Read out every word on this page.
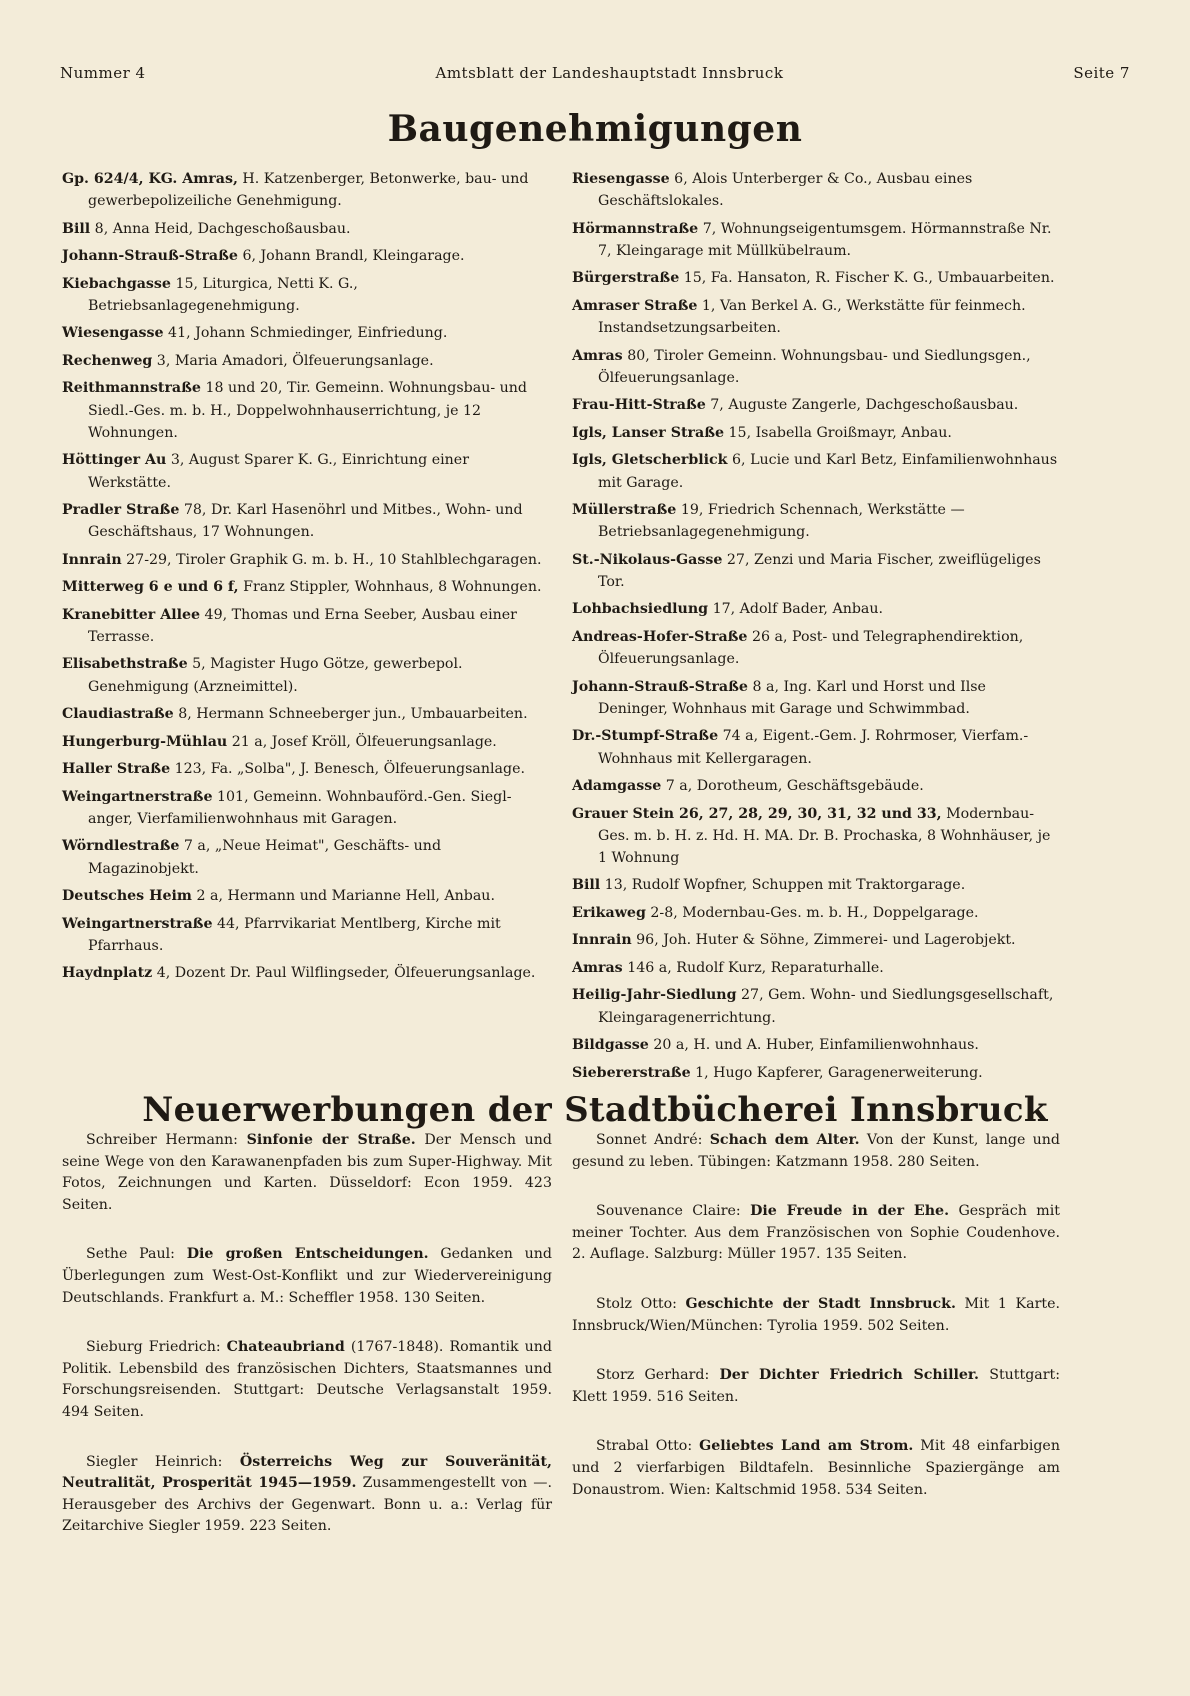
Nummer 4	Amtsblatt der Landeshauptstadt Innsbruck	Seite 7
Baugenehmigungen

Gp. 624/4, KG. Amras, H. Katzenberger, Betonwerke, bau- und gewerbepolizeiliche Genehmigung.

Bill 8, Anna Heid, Dachgeschoßausbau.

Johann-Strauß-Straße 6, Johann Brandl, Kleingarage.

Kiebachgasse 15, Liturgica, Netti K. G., Betriebsanlagegenehmigung.

Wiesengasse 41, Johann Schmiedinger, Einfriedung.

Rechenweg 3, Maria Amadori, Ölfeuerungsanlage.

Reithmannstraße 18 und 20, Tir. Gemeinn. Wohnungsbau- und Siedl.-Ges. m. b. H., Doppelwohnhauserrichtung, je 12 Wohnungen.

Höttinger Au 3, August Sparer K. G., Einrichtung einer Werkstätte.

Pradler Straße 78, Dr. Karl Hasenöhrl und Mitbes., Wohn- und Geschäftshaus, 17 Wohnungen.

Innrain 27-29, Tiroler Graphik G. m. b. H., 10 Stahlblechgaragen.

Mitterweg 6 e und 6 f, Franz Stippler, Wohnhaus, 8 Wohnungen.

Kranebitter Allee 49, Thomas und Erna Seeber, Ausbau einer Terrasse.

Elisabethstraße 5, Magister Hugo Götze, gewerbepol. Genehmigung (Arzneimittel).

Claudiastraße 8, Hermann Schneeberger jun., Umbauarbeiten.

Hungerburg-Mühlau 21 a, Josef Kröll, Ölfeuerungsanlage.

Haller Straße 123, Fa. „Solba", J. Benesch, Ölfeuerungsanlage.

Weingartnerstraße 101, Gemeinn. Wohnbauförd.-Gen. Siegl-anger, Vierfamilienwohnhaus mit Garagen.

Wörndlestraße 7 a, „Neue Heimat", Geschäfts- und Magazinobjekt.

Deutsches Heim 2 a, Hermann und Marianne Hell, Anbau.

Weingartnerstraße 44, Pfarrvikariat Mentlberg, Kirche mit Pfarrhaus.

Haydnplatz 4, Dozent Dr. Paul Wilflingseder, Ölfeuerungsanlage.

Riesengasse 6, Alois Unterberger & Co., Ausbau eines Geschäftslokales.

Hörmannstraße 7, Wohnungseigentumsgem. Hörmannstraße Nr. 7, Kleingarage mit Müllkübelraum.

Bürgerstraße 15, Fa. Hansaton, R. Fischer K. G., Umbauarbeiten.

Amraser Straße 1, Van Berkel A. G., Werkstätte für feinmech. Instandsetzungsarbeiten.

Amras 80, Tiroler Gemeinn. Wohnungsbau- und Siedlungsgen., Ölfeuerungsanlage.

Frau-Hitt-Straße 7, Auguste Zangerle, Dachgeschoßausbau.

Igls, Lanser Straße 15, Isabella Groißmayr, Anbau.

Igls, Gletscherblick 6, Lucie und Karl Betz, Einfamilienwohnhaus mit Garage.

Müllerstraße 19, Friedrich Schennach, Werkstätte — Betriebsanlagegenehmigung.

St.-Nikolaus-Gasse 27, Zenzi und Maria Fischer, zweiflügeliges Tor.

Lohbachsiedlung 17, Adolf Bader, Anbau.

Andreas-Hofer-Straße 26 a, Post- und Telegraphendirektion, Ölfeuerungsanlage.

Johann-Strauß-Straße 8 a, Ing. Karl und Horst und Ilse Deninger, Wohnhaus mit Garage und Schwimmbad.

Dr.-Stumpf-Straße 74 a, Eigent.-Gem. J. Rohrmoser, Vierfam.-Wohnhaus mit Kellergaragen.

Adamgasse 7 a, Dorotheum, Geschäftsgebäude.

Grauer Stein 26, 27, 28, 29, 30, 31, 32 und 33, Modernbau-Ges. m. b. H. z. Hd. H. MA. Dr. B. Prochaska, 8 Wohnhäuser, je 1 Wohnung

Bill 13, Rudolf Wopfner, Schuppen mit Traktorgarage.

Erikaweg 2-8, Modernbau-Ges. m. b. H., Doppelgarage.

Innrain 96, Joh. Huter & Söhne, Zimmerei- und Lagerobjekt.

Amras 146 a, Rudolf Kurz, Reparaturhalle.

Heilig-Jahr-Siedlung 27, Gem. Wohn- und Siedlungsgesellschaft, Kleingaragenerrichtung.

Bildgasse 20 a, H. und A. Huber, Einfamilienwohnhaus.

Siebererstraße 1, Hugo Kapferer, Garagenerweiterung.

Neuerwerbungen der Stadtbücherei Innsbruck

Schreiber Hermann: Sinfonie der Straße. Der Mensch und seine Wege von den Karawanenpfaden bis zum Super-Highway. Mit Fotos, Zeichnungen und Karten. Düsseldorf: Econ 1959. 423 Seiten.

Sethe Paul: Die großen Entscheidungen. Gedanken und Überlegungen zum West-Ost-Konflikt und zur Wiedervereinigung Deutschlands. Frankfurt a. M.: Scheffler 1958. 130 Seiten.

Sieburg Friedrich: Chateaubriand (1767-1848). Romantik und Politik. Lebensbild des französischen Dichters, Staatsmannes und Forschungsreisenden. Stuttgart: Deutsche Verlagsanstalt 1959. 494 Seiten.

Siegler Heinrich: Österreichs Weg zur Souveränität, Neutralität, Prosperität 1945—1959. Zusammengestellt von —. Herausgeber des Archivs der Gegenwart. Bonn u. a.: Verlag für Zeitarchive Siegler 1959. 223 Seiten.

Sonnet André: Schach dem Alter. Von der Kunst, lange und gesund zu leben. Tübingen: Katzmann 1958. 280 Seiten.

Souvenance Claire: Die Freude in der Ehe. Gespräch mit meiner Tochter. Aus dem Französischen von Sophie Coudenhove. 2. Auflage. Salzburg: Müller 1957. 135 Seiten.

Stolz Otto: Geschichte der Stadt Innsbruck. Mit 1 Karte. Innsbruck/Wien/München: Tyrolia 1959. 502 Seiten.

Storz Gerhard: Der Dichter Friedrich Schiller. Stuttgart: Klett 1959. 516 Seiten.

Strabal Otto: Geliebtes Land am Strom. Mit 48 einfarbigen und 2 vierfarbigen Bildtafeln. Besinnliche Spaziergänge am Donaustrom. Wien: Kaltschmid 1958. 534 Seiten.
